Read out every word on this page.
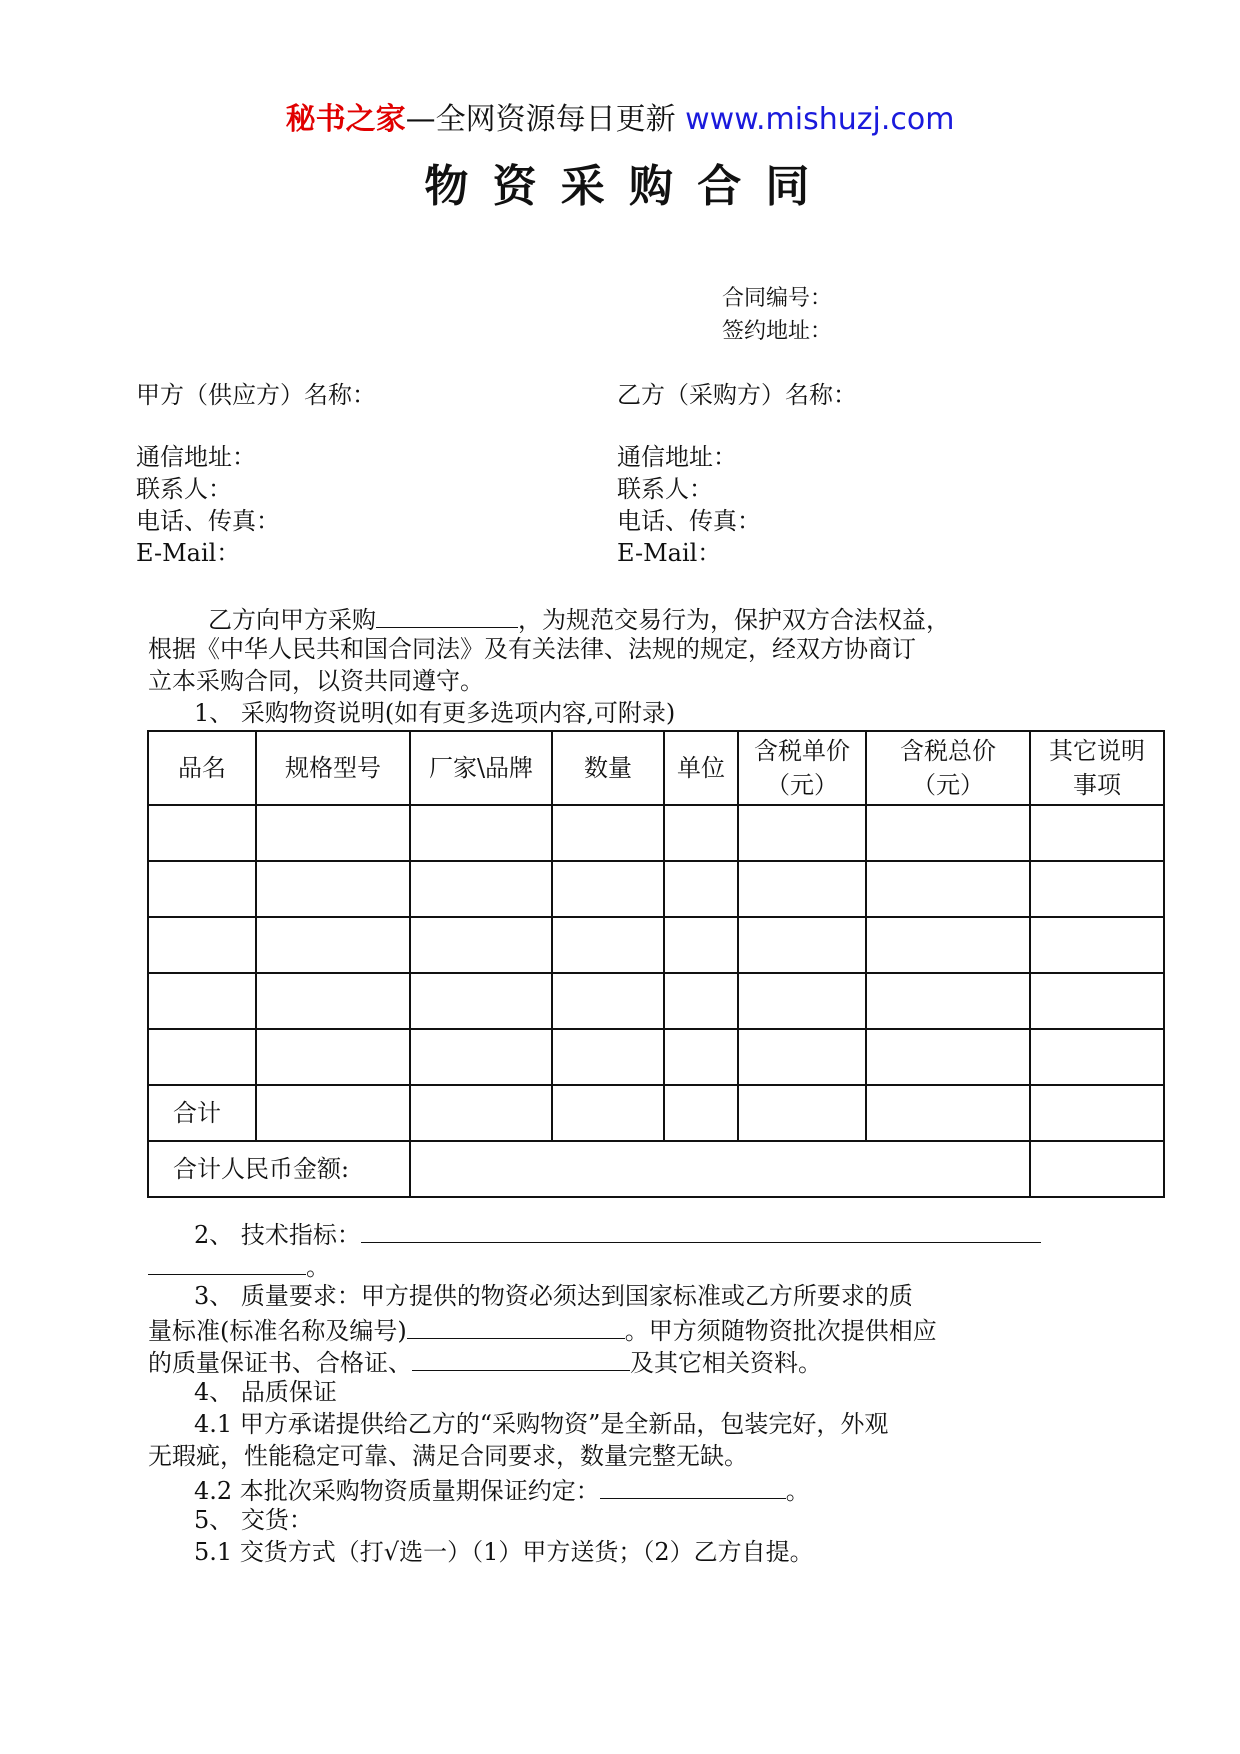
秘书之家—全网资源每日更新 www.mishuzj.com
物资采购合同
合同编号：
签约地址：
甲方（供应方）名称：
通信地址：
联系人：
电话、传真：
E-Mail：
乙方（采购方）名称：
通信地址：
联系人：
电话、传真：
E-Mail：
乙方向甲方采购	，为规范交易行为，保护双方合法权益，
根据《中华人民共和国合同法》及有关法律、法规的规定，经双方协商订
立本采购合同，以资共同遵守。
1、 采购物资说明(如有更多选项内容,可附录)
品名	规格型号	厂家\品牌	数量	单位	含税单价（元）	含税总价（元）	其它说明事项

合计							
合计人民币金额:							
2、 技术指标：
。
3、 质量要求：甲方提供的物资必须达到国家标准或乙方所要求的质
量标准(标准名称及编号)	。甲方须随物资批次提供相应
的质量保证书、合格证、	及其它相关资料。
4、 品质保证
4.1 甲方承诺提供给乙方的“采购物资”是全新品，包装完好，外观
无瑕疵，性能稳定可靠、满足合同要求，数量完整无缺。
4.2 本批次采购物资质量期保证约定：	。
5、 交货：
5.1 交货方式（打√选一）（1）甲方送货；（2）乙方自提。
